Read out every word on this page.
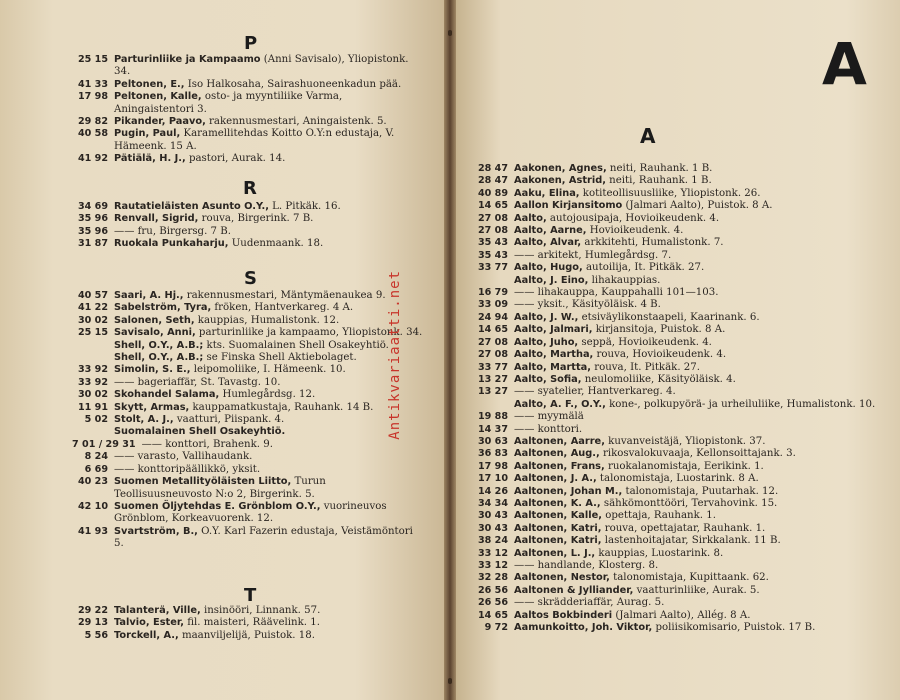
P
25 15 Parturinliike ja Kampaamo (Anni Savisalo), Yliopistonk. 34.
41 33 Peltonen, E., Iso Halkosaha, Sairashuoneenkadun pää.
17 98 Peltonen, Kalle, osto- ja myyntiliike Varma, Aningaistentori 3.
29 82 Pikander, Paavo, rakennusmestari, Aningaistenk. 5.
40 58 Pugin, Paul, Karamellitehdas Koitto O.Y:n edustaja, V. Hämeenk. 15 A.
41 92 Pätiälä, H. J., pastori, Aurak. 14.
R
34 69 Rautatieläisten Asunto O.Y., L. Pitkäk. 16.
35 96 Renvall, Sigrid, rouva, Birgerink. 7 B.
35 96 —— fru, Birgersg. 7 B.
31 87 Ruokala Punkaharju, Uudenmaank. 18.
S
40 57 Saari, A. Hj., rakennusmestari, Mäntymäenaukea 9.
41 22 Sabelström, Tyra, fröken, Hantverkareg. 4 A.
30 02 Salonen, Seth, kauppias, Humalistonk. 12.
25 15 Savisalo, Anni, parturinliike ja kampaamo, Yliopistonk. 34.
Shell, O.Y., A.B.; kts. Suomalainen Shell Osakeyhtiö.
Shell, O.Y., A.B.; se Finska Shell Aktiebolaget.
33 92 Simolin, S. E., leipomoliike, I. Hämeenk. 10.
33 92 —— bageriaffär, St. Tavastg. 10.
30 02 Skohandel Salama, Humlegårdsg. 12.
11 91 Skytt, Armas, kauppamatkustaja, Rauhank. 14 B.
5 02 Stolt, A. J., vaatturi, Piispank. 4.
Suomalainen Shell Osakeyhtiö.
7 01 / 29 31 —— konttori, Brahenk. 9.
8 24 —— varasto, Vallihaudank.
6 69 —— konttoripäällikkö, yksit.
40 23 Suomen Metallityöläisten Liitto, Turun Teollisuusneuvosto N:o 2, Birgerink. 5.
42 10 Suomen Öljytehdas E. Grönblom O.Y., vuorineuvos Grönblom, Korkeavuorenk. 12.
41 93 Svartström, B., O.Y. Karl Fazerin edustaja, Veistämöntori 5.
T
29 22 Talanterä, Ville, insinööri, Linnank. 57.
29 13 Talvio, Ester, fil. maisteri, Räävelink. 1.
5 56 Torckell, A., maanviljelijä, Puistok. 18.
Antikvariaatti.net
A
A
28 47 Aakonen, Agnes, neiti, Rauhank. 1 B.
28 47 Aakonen, Astrid, neiti, Rauhank. 1 B.
40 89 Aaku, Elina, kotiteollisuusliike, Yliopistonk. 26.
14 65 Aallon Kirjansitomo (Jalmari Aalto), Puistok. 8 A.
27 08 Aalto, autojousipaja, Hovioikeudenk. 4.
27 08 Aalto, Aarne, Hovioikeudenk. 4.
35 43 Aalto, Alvar, arkkitehti, Humalistonk. 7.
35 43 —— arkitekt, Humlegårdsg. 7.
33 77 Aalto, Hugo, autoilija, It. Pitkäk. 27.
Aalto, J. Eino, lihakauppias.
16 79 —— lihakauppa, Kauppahalli 101—103.
33 09 —— yksit., Käsityöläisk. 4 B.
24 94 Aalto, J. W., etsiväylikonstaapeli, Kaarinank. 6.
14 65 Aalto, Jalmari, kirjansitoja, Puistok. 8 A.
27 08 Aalto, Juho, seppä, Hovioikeudenk. 4.
27 08 Aalto, Martha, rouva, Hovioikeudenk. 4.
33 77 Aalto, Martta, rouva, It. Pitkäk. 27.
13 27 Aalto, Sofia, neulomoliike, Käsityöläisk. 4.
13 27 —— syatelier, Hantverkareg. 4.
Aalto, A. F., O.Y., kone-, polkupyörä- ja urheiluliike, Humalistonk. 10.
19 88 —— myymälä
14 37 —— konttori.
30 63 Aaltonen, Aarre, kuvanveistäjä, Yliopistonk. 37.
36 83 Aaltonen, Aug., rikosvalokuvaaja, Kellonsoittajank. 3.
17 98 Aaltonen, Frans, ruokalanomistaja, Eerikink. 1.
17 10 Aaltonen, J. A., talonomistaja, Luostarink. 8 A.
14 26 Aaltonen, Johan M., talonomistaja, Puutarhak. 12.
34 34 Aaltonen, K. A., sähkömonttööri, Tervahovink. 15.
30 43 Aaltonen, Kalle, opettaja, Rauhank. 1.
30 43 Aaltonen, Katri, rouva, opettajatar, Rauhank. 1.
38 24 Aaltonen, Katri, lastenhoitajatar, Sirkkalank. 11 B.
33 12 Aaltonen, L. J., kauppias, Luostarink. 8.
33 12 —— handlande, Klosterg. 8.
32 28 Aaltonen, Nestor, talonomistaja, Kupittaank. 62.
26 56 Aaltonen & Jylliander, vaatturinliike, Aurak. 5.
26 56 —— skrädderiaffär, Aurag. 5.
14 65 Aaltos Bokbinderi (Jalmari Aalto), Allég. 8 A.
9 72 Aamunkoitto, Joh. Viktor, poliisikomisario, Puistok. 17 B.
